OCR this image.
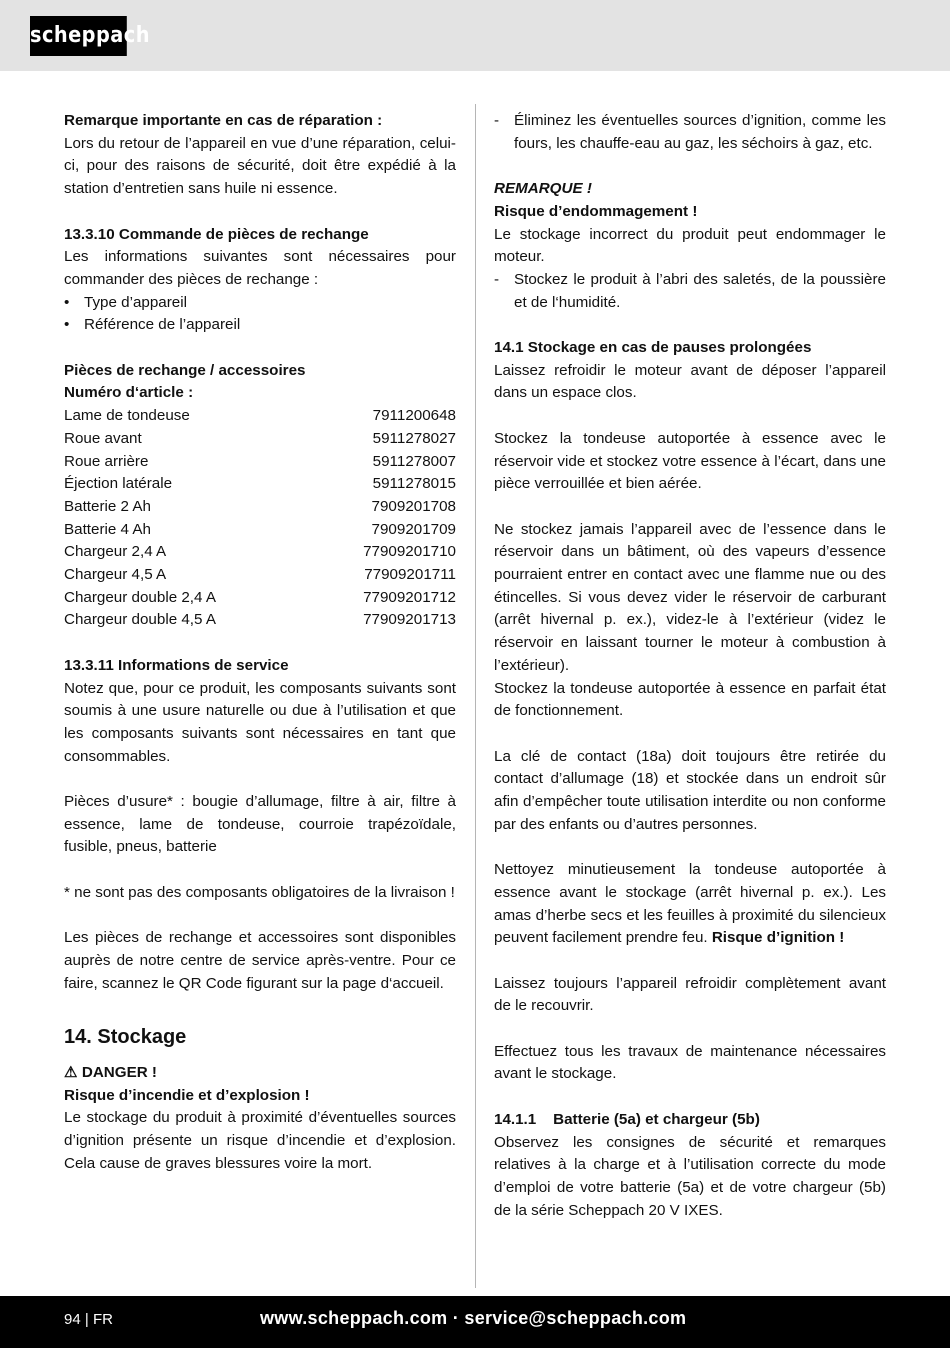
scheppach

Remarque importante en cas de réparation :

Lors du retour de l’appareil en vue d’une réparation, celui-ci, pour des raisons de sécurité, doit être expédié à la station d’entretien sans huile ni essence.

13.3.10 Commande de pièces de rechange

Les informations suivantes sont nécessaires pour commander des pièces de rechange :

• Type d’appareil
• Référence de l’appareil

Pièces de rechange / accessoires

Numéro d‘article :

Lame de tondeuse	7911200648
Roue avant	5911278027
Roue arrière	5911278007
Éjection latérale	5911278015
Batterie 2 Ah	7909201708
Batterie 4 Ah	7909201709
Chargeur 2,4 A	77909201710
Chargeur 4,5 A	77909201711
Chargeur double 2,4 A	77909201712
Chargeur double 4,5 A	77909201713

13.3.11 Informations de service

Notez que, pour ce produit, les composants suivants sont soumis à une usure naturelle ou due à l’utilisation et que les composants suivants sont nécessaires en tant que consommables.

Pièces d’usure* : bougie d’allumage, filtre à air, filtre à essence, lame de tondeuse, courroie trapézoïdale, fusible, pneus, batterie

* ne sont pas des composants obligatoires de la livraison !

Les pièces de rechange et accessoires sont disponibles auprès de notre centre de service après-ventre. Pour ce faire, scannez le QR Code figurant sur la page d‘accueil.

14. Stockage

⚠ DANGER !

Risque d’incendie et d’explosion !

Le stockage du produit à proximité d’éventuelles sources d’ignition présente un risque d’incendie et d’explosion. Cela cause de graves blessures voire la mort.

- Éliminez les éventuelles sources d’ignition, comme les fours, les chauffe-eau au gaz, les séchoirs à gaz, etc.

REMARQUE !

Risque d’endommagement !

Le stockage incorrect du produit peut endommager le moteur.

- Stockez le produit à l’abri des saletés, de la poussière et de l‘humidité.

14.1 Stockage en cas de pauses prolongées

Laissez refroidir le moteur avant de déposer l’appareil dans un espace clos.

Stockez la tondeuse autoportée à essence avec le réservoir vide et stockez votre essence à l’écart, dans une pièce verrouillée et bien aérée.

Ne stockez jamais l’appareil avec de l’essence dans le réservoir dans un bâtiment, où des vapeurs d’essence pourraient entrer en contact avec une flamme nue ou des étincelles. Si vous devez vider le réservoir de carburant (arrêt hivernal p. ex.), videz-le à l’extérieur (videz le réservoir en laissant tourner le moteur à combustion à l’extérieur).

Stockez la tondeuse autoportée à essence en parfait état de fonctionnement.

La clé de contact (18a) doit toujours être retirée du contact d’allumage (18) et stockée dans un endroit sûr afin d’empêcher toute utilisation interdite ou non conforme par des enfants ou d’autres personnes.

Nettoyez minutieusement la tondeuse autoportée à essence avant le stockage (arrêt hivernal p. ex.). Les amas d’herbe secs et les feuilles à proximité du silencieux peuvent facilement prendre feu. Risque d’ignition !

Laissez toujours l’appareil refroidir complètement avant de le recouvrir.

Effectuez tous les travaux de maintenance nécessaires avant le stockage.

14.1.1    Batterie (5a) et chargeur (5b)

Observez les consignes de sécurité et remarques relatives à la charge et à l’utilisation correcte du mode d’emploi de votre batterie (5a) et de votre chargeur (5b) de la série Scheppach 20 V IXES.

94 | FR	www.scheppach.com · service@scheppach.com
